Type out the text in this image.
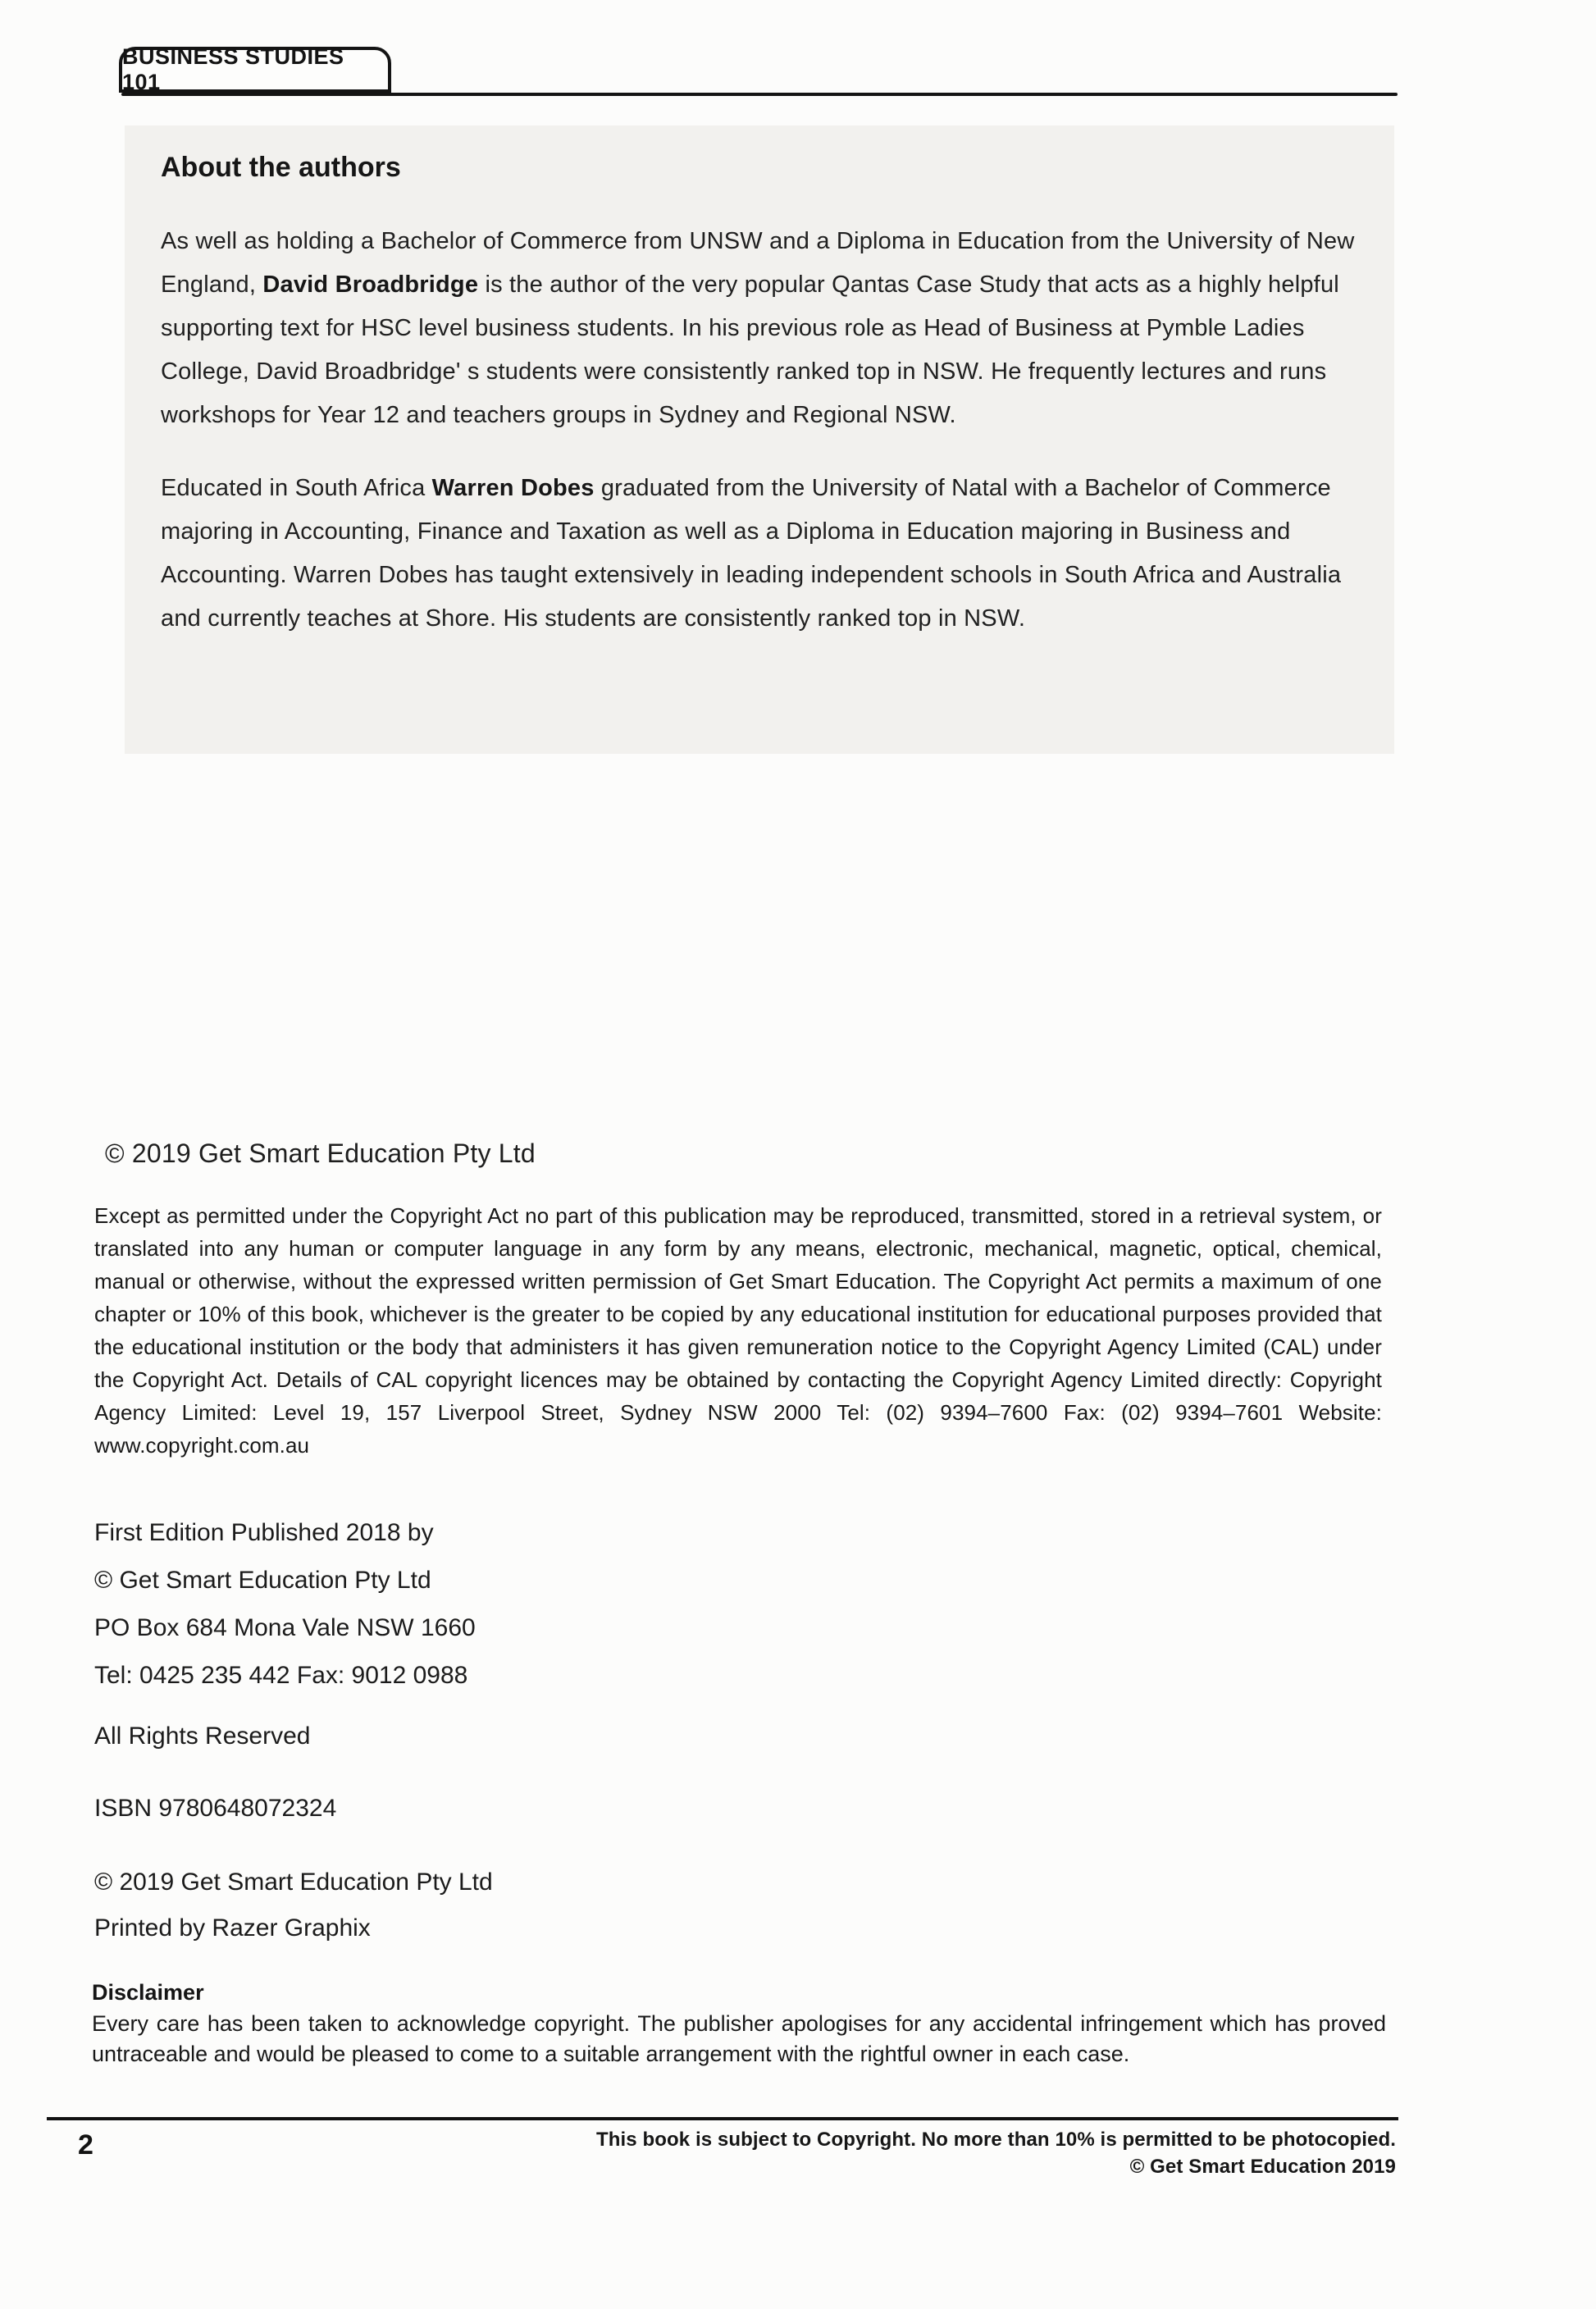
BUSINESS STUDIES 101
About the authors

As well as holding a Bachelor of Commerce from UNSW and a Diploma in Education from the University of New England, David Broadbridge is the author of the very popular Qantas Case Study that acts as a highly helpful supporting text for HSC level business students. In his previous role as Head of Business at Pymble Ladies College, David Broadbridge' s students were consistently ranked top in NSW. He frequently lectures and runs workshops for Year 12 and teachers groups in Sydney and Regional NSW.

Educated in South Africa Warren Dobes graduated from the University of Natal with a Bachelor of Commerce majoring in Accounting, Finance and Taxation as well as a Diploma in Education majoring in Business and Accounting. Warren Dobes has taught extensively in leading independent schools in South Africa and Australia and currently teaches at Shore. His students are consistently ranked top in NSW.

© 2019 Get Smart Education Pty Ltd
Except as permitted under the Copyright Act no part of this publication may be reproduced, transmitted, stored in a retrieval system, or translated into any human or computer language in any form by any means, electronic, mechanical, magnetic, optical, chemical, manual or otherwise, without the expressed written permission of Get Smart Education. The Copyright Act permits a maximum of one chapter or 10% of this book, whichever is the greater to be copied by any educational institution for educational purposes provided that the educational institution or the body that administers it has given remuneration notice to the Copyright Agency Limited (CAL) under the Copyright Act. Details of CAL copyright licences may be obtained by contacting the Copyright Agency Limited directly: Copyright Agency Limited: Level 19, 157 Liverpool Street, Sydney NSW 2000 Tel: (02) 9394–7600 Fax: (02) 9394–7601 Website: www.copyright.com.au
First Edition Published 2018 by
© Get Smart Education Pty Ltd
PO Box 684 Mona Vale NSW 1660
Tel: 0425 235 442 Fax: 9012 0988
All Rights Reserved
ISBN 9780648072324
© 2019 Get Smart Education Pty Ltd
Printed by Razer Graphix
Disclaimer
Every care has been taken to acknowledge copyright. The publisher apologises for any accidental infringement which has proved untraceable and would be pleased to come to a suitable arrangement with the rightful owner in each case.
2	This book is subject to Copyright. No more than 10% is permitted to be photocopied.
© Get Smart Education 2019
